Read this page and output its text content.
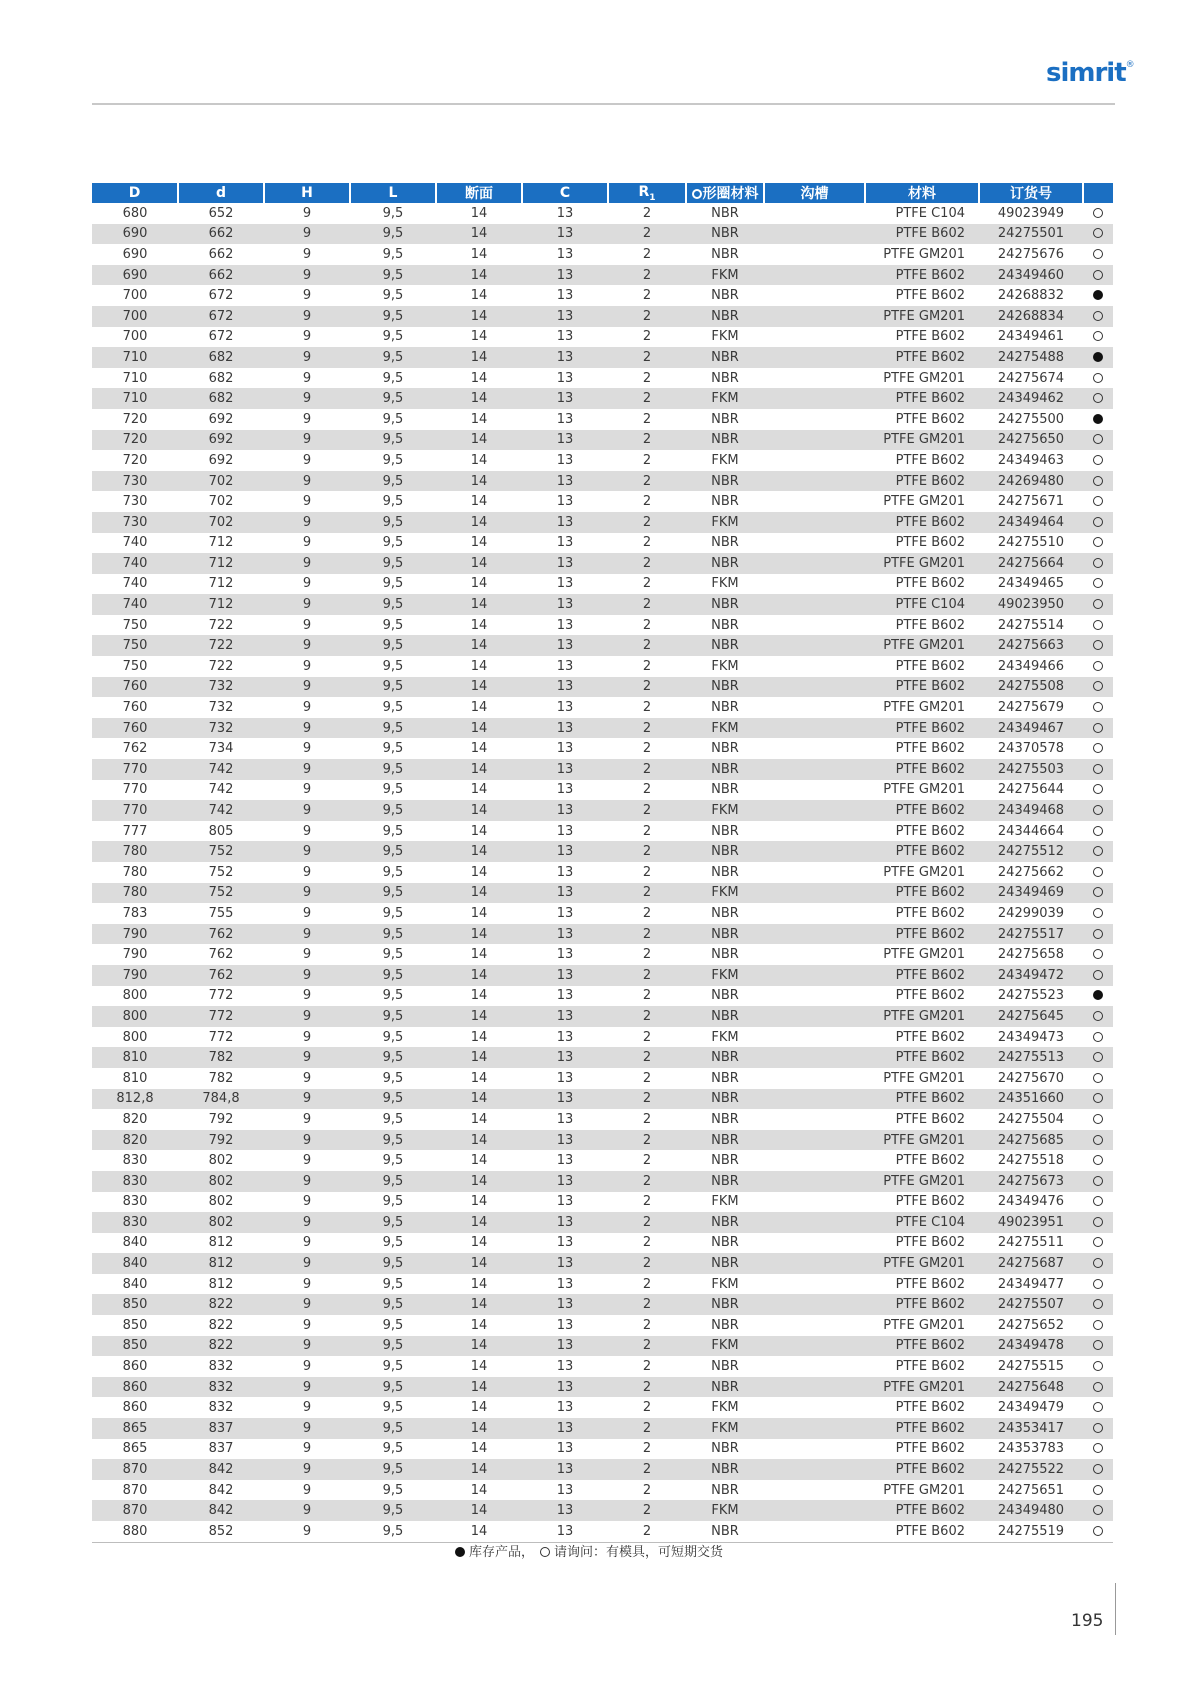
simrit®
D	d	H	L	断面	C	$R_1$	形圈材料	沟槽	材料	订货号	
680	652	9	9,5	14	13	2	NBR		PTFE C104	49023949	
690	662	9	9,5	14	13	2	NBR		PTFE B602	24275501	
690	662	9	9,5	14	13	2	NBR		PTFE GM201	24275676	
690	662	9	9,5	14	13	2	FKM		PTFE B602	24349460	
700	672	9	9,5	14	13	2	NBR		PTFE B602	24268832	
700	672	9	9,5	14	13	2	NBR		PTFE GM201	24268834	
700	672	9	9,5	14	13	2	FKM		PTFE B602	24349461	
710	682	9	9,5	14	13	2	NBR		PTFE B602	24275488	
710	682	9	9,5	14	13	2	NBR		PTFE GM201	24275674	
710	682	9	9,5	14	13	2	FKM		PTFE B602	24349462	
720	692	9	9,5	14	13	2	NBR		PTFE B602	24275500	
720	692	9	9,5	14	13	2	NBR		PTFE GM201	24275650	
720	692	9	9,5	14	13	2	FKM		PTFE B602	24349463	
730	702	9	9,5	14	13	2	NBR		PTFE B602	24269480	
730	702	9	9,5	14	13	2	NBR		PTFE GM201	24275671	
730	702	9	9,5	14	13	2	FKM		PTFE B602	24349464	
740	712	9	9,5	14	13	2	NBR		PTFE B602	24275510	
740	712	9	9,5	14	13	2	NBR		PTFE GM201	24275664	
740	712	9	9,5	14	13	2	FKM		PTFE B602	24349465	
740	712	9	9,5	14	13	2	NBR		PTFE C104	49023950	
750	722	9	9,5	14	13	2	NBR		PTFE B602	24275514	
750	722	9	9,5	14	13	2	NBR		PTFE GM201	24275663	
750	722	9	9,5	14	13	2	FKM		PTFE B602	24349466	
760	732	9	9,5	14	13	2	NBR		PTFE B602	24275508	
760	732	9	9,5	14	13	2	NBR		PTFE GM201	24275679	
760	732	9	9,5	14	13	2	FKM		PTFE B602	24349467	
762	734	9	9,5	14	13	2	NBR		PTFE B602	24370578	
770	742	9	9,5	14	13	2	NBR		PTFE B602	24275503	
770	742	9	9,5	14	13	2	NBR		PTFE GM201	24275644	
770	742	9	9,5	14	13	2	FKM		PTFE B602	24349468	
777	805	9	9,5	14	13	2	NBR		PTFE B602	24344664	
780	752	9	9,5	14	13	2	NBR		PTFE B602	24275512	
780	752	9	9,5	14	13	2	NBR		PTFE GM201	24275662	
780	752	9	9,5	14	13	2	FKM		PTFE B602	24349469	
783	755	9	9,5	14	13	2	NBR		PTFE B602	24299039	
790	762	9	9,5	14	13	2	NBR		PTFE B602	24275517	
790	762	9	9,5	14	13	2	NBR		PTFE GM201	24275658	
790	762	9	9,5	14	13	2	FKM		PTFE B602	24349472	
800	772	9	9,5	14	13	2	NBR		PTFE B602	24275523	
800	772	9	9,5	14	13	2	NBR		PTFE GM201	24275645	
800	772	9	9,5	14	13	2	FKM		PTFE B602	24349473	
810	782	9	9,5	14	13	2	NBR		PTFE B602	24275513	
810	782	9	9,5	14	13	2	NBR		PTFE GM201	24275670	
812,8	784,8	9	9,5	14	13	2	NBR		PTFE B602	24351660	
820	792	9	9,5	14	13	2	NBR		PTFE B602	24275504	
820	792	9	9,5	14	13	2	NBR		PTFE GM201	24275685	
830	802	9	9,5	14	13	2	NBR		PTFE B602	24275518	
830	802	9	9,5	14	13	2	NBR		PTFE GM201	24275673	
830	802	9	9,5	14	13	2	FKM		PTFE B602	24349476	
830	802	9	9,5	14	13	2	NBR		PTFE C104	49023951	
840	812	9	9,5	14	13	2	NBR		PTFE B602	24275511	
840	812	9	9,5	14	13	2	NBR		PTFE GM201	24275687	
840	812	9	9,5	14	13	2	FKM		PTFE B602	24349477	
850	822	9	9,5	14	13	2	NBR		PTFE B602	24275507	
850	822	9	9,5	14	13	2	NBR		PTFE GM201	24275652	
850	822	9	9,5	14	13	2	FKM		PTFE B602	24349478	
860	832	9	9,5	14	13	2	NBR		PTFE B602	24275515	
860	832	9	9,5	14	13	2	NBR		PTFE GM201	24275648	
860	832	9	9,5	14	13	2	FKM		PTFE B602	24349479	
865	837	9	9,5	14	13	2	FKM		PTFE B602	24353417	
865	837	9	9,5	14	13	2	NBR		PTFE B602	24353783	
870	842	9	9,5	14	13	2	NBR		PTFE B602	24275522	
870	842	9	9,5	14	13	2	NBR		PTFE GM201	24275651	
870	842	9	9,5	14	13	2	FKM		PTFE B602	24349480	
880	852	9	9,5	14	13	2	NBR		PTFE B602	24275519	
库存产品， 请询问：有模具，可短期交货
195
